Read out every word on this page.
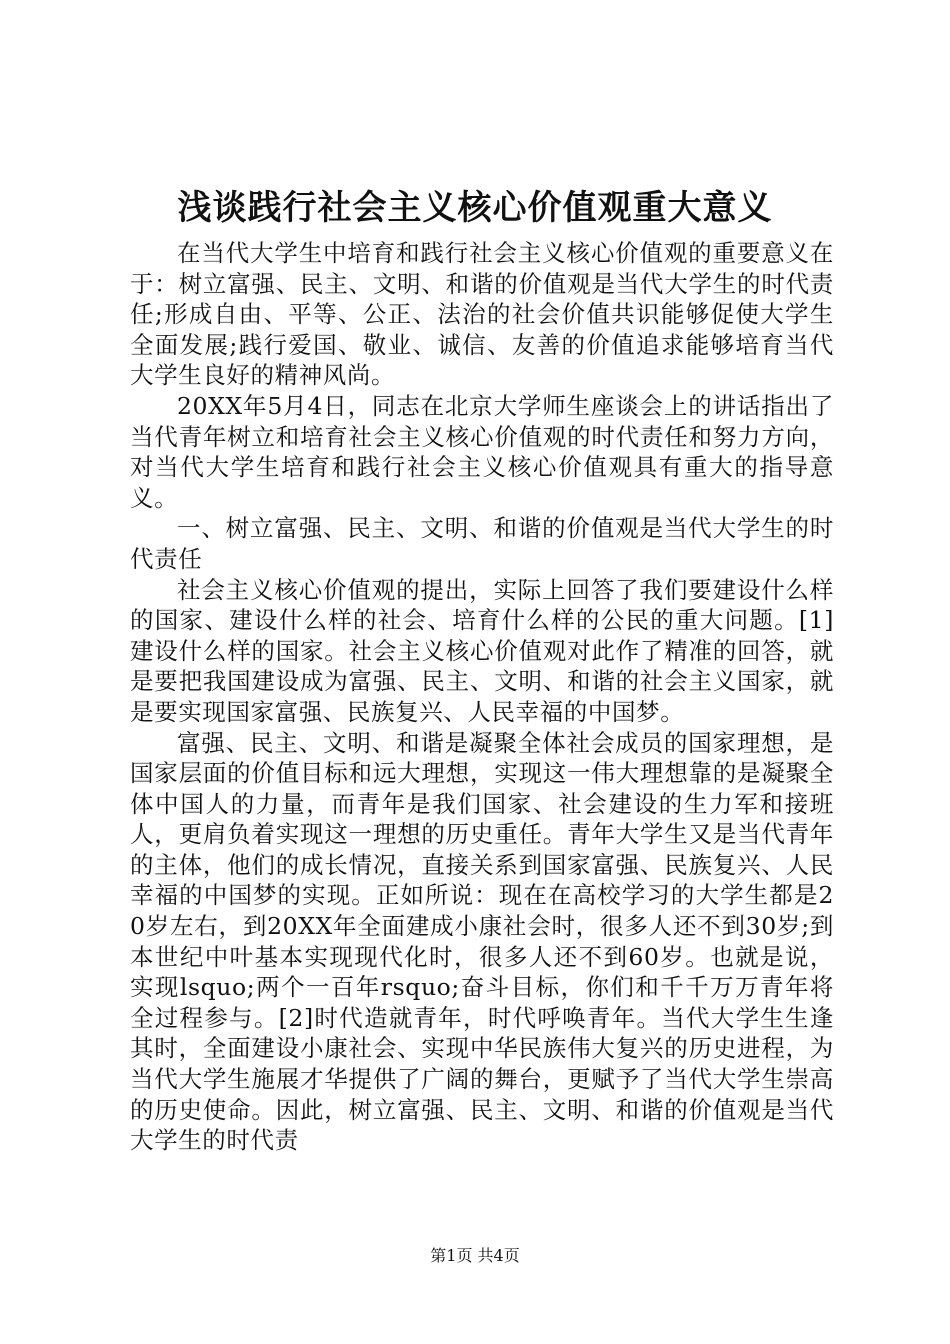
浅谈践行社会主义核心价值观重大意义

在当代大学生中培育和践行社会主义核心价值观的重要意义在于：树立富强、民主、文明、和谐的价值观是当代大学生的时代责任;形成自由、平等、公正、法治的社会价值共识能够促使大学生全面发展;践行爱国、敬业、诚信、友善的价值追求能够培育当代大学生良好的精神风尚。

20XX年5月4日，同志在北京大学师生座谈会上的讲话指出了当代青年树立和培育社会主义核心价值观的时代责任和努力方向，对当代大学生培育和践行社会主义核心价值观具有重大的指导意义。

一、树立富强、民主、文明、和谐的价值观是当代大学生的时代责任

社会主义核心价值观的提出，实际上回答了我们要建设什么样的国家、建设什么样的社会、培育什么样的公民的重大问题。[1]建设什么样的国家。社会主义核心价值观对此作了精准的回答，就是要把我国建设成为富强、民主、文明、和谐的社会主义国家，就是要实现国家富强、民族复兴、人民幸福的中国梦。

富强、民主、文明、和谐是凝聚全体社会成员的国家理想，是国家层面的价值目标和远大理想，实现这一伟大理想靠的是凝聚全体中国人的力量，而青年是我们国家、社会建设的生力军和接班人，更肩负着实现这一理想的历史重任。青年大学生又是当代青年的主体，他们的成长情况，直接关系到国家富强、民族复兴、人民幸福的中国梦的实现。正如所说：现在在高校学习的大学生都是20岁左右，到20XX年全面建成小康社会时，很多人还不到30岁;到本世纪中叶基本实现现代化时，很多人还不到60岁。也就是说，实现lsquo;两个一百年rsquo;奋斗目标，你们和千千万万青年将全过程参与。[2]时代造就青年，时代呼唤青年。当代大学生生逢其时，全面建设小康社会、实现中华民族伟大复兴的历史进程，为当代大学生施展才华提供了广阔的舞台，更赋予了当代大学生崇高的历史使命。因此，树立富强、民主、文明、和谐的价值观是当代大学生的时代责

第1页 共4页
